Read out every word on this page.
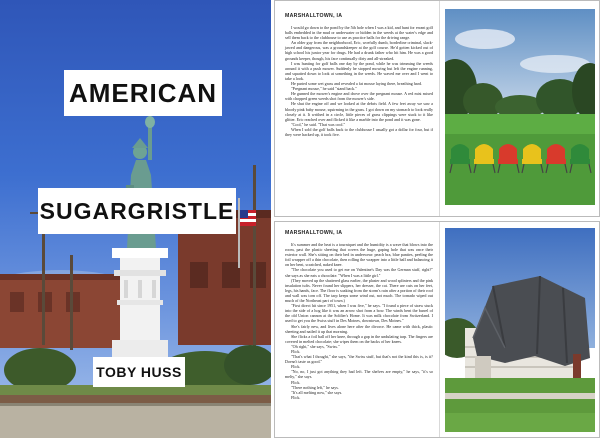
AMERICAN
SUGARGRISTLE
TOBY HUSS
MARSHALLTOWN, IA

I would go down to the pond by the 5th hole when I was a kid, and hunt for errant golf balls embedded in the mud or underwater or hidden in the weeds at the water's edge and sell them back to the clubhouse to use as practice balls for the driving range.

An older guy from the neighborhood, Eric, woefully dumb, borderline criminal, slack-jawed and dangerous, was a groundskeeper at the golf course. He'd gotten kicked out of high school his junior year for drugs. He had a drunk father who hit him. He was a good grounds keeper, though, his face continually dirty and all-streaked.

I was hunting for golf balls one day by the pond, while he was trimming the weeds around it with a push mower. Suddenly he stopped mowing but left the engine running, and squatted down to look at something in the weeds. He waved me over and I went to take a look.

He parted some wet grass and revealed a fat mouse laying there, breathing hard.

"Pregnant mouse," he said "stand back."

He gunned the mower's engine and drove over the pregnant mouse. A red mist mixed with chopped green weeds shot from the mower's side.

He shut the engine off and we looked at the debris field. A few feet away we saw a bloody pink baby mouse, squirming in the grass. I got down on my stomach to look really closely at it. It writhed in a circle, little pieces of grass clippings were stuck to it like glitter. Eric reached over and flicked it like a marble into the pond and it was gone.

"Cool," he said. "That was cool."

When I sold the golf balls back to the clubhouse I usually got a dollar for four, but if they were hacked up, it took five.

MARSHALLTOWN, IA

It's summer and the heat is a tourniquet and the humidity is a wave that blows into the room, past the plastic sheeting that covers the huge, gaping hole that was once their exterior wall. She's sitting on their bed in underwear: peach bra, blue panties, peeling the foil wrapper off a thin chocolate, then rolling the wrapper into a little ball and balancing it on her bent, scratched, naked knee.

"The chocolate you used to get me on Valentine's Day was the German stuff, right?" she says as she eats a chocolate. "When I was a little girl."

(They moved up the shattered glass earlier, the plaster and wood splinters and the pink insulation tufts. Never found her slippers, her dresser, the cat. There are cuts on her feet, legs, his hands, face. The floor is soaking from the storm's rain after a portion of their roof and wall was torn off. The tarp keeps some wind out, not much. The tornado wiped out much of the Northeast part of town.)

"First direct hit since 1951, when I was five," he says. "I found a piece of straw stuck into the side of a hog like it was an arrow shot from a bow. The winds bent the barrel of the old Union cannon at the Soldier's Home. It was milk chocolate from Switzerland. I used to get you the Swiss stuff in Des Moines, downtown, Des Moines."

She's fairly new, and lives alone here after the divorce. He came with thick, plastic sheeting and nailed it up that morning.

She flicks a foil ball off her knee, through a gap in the undulating tarp. The fingers are covered in melted chocolate; she wipes them on the backs of her knees.

"Oh right," she says, "Swiss."

Flick.

"That's what I thought," she says, "the Swiss stuff, but that's not the kind this is, is it? Doesn't taste as good."

Flick.

"No, no, I just got anything they had left. The shelves are empty," he says, "it's so melty," she says.

Flick.

"There nothing left," he says.

"It's all melting now," she says.

Flick.
